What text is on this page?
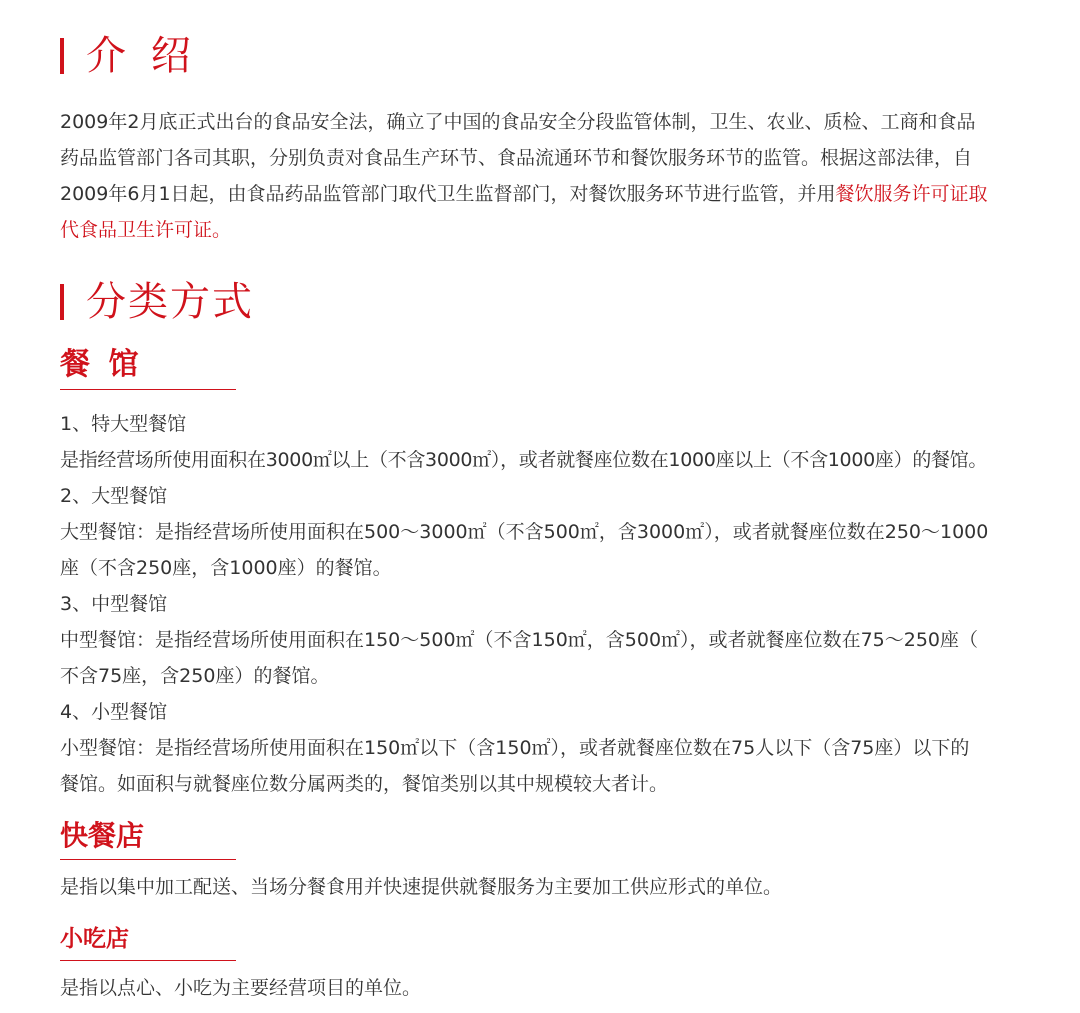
介 绍
2009年2月底正式出台的食品安全法，确立了中国的食品安全分段监管体制，卫生、农业、质检、工商和食品
药品监管部门各司其职，分别负责对食品生产环节、食品流通环节和餐饮服务环节的监管。根据这部法律，自
2009年6月1日起，由食品药品监管部门取代卫生监督部门，对餐饮服务环节进行监管，并用餐饮服务许可证取
代食品卫生许可证。
分类方式
餐 馆
1、特大型餐馆
是指经营场所使用面积在3000㎡以上（不含3000㎡），或者就餐座位数在1000座以上（不含1000座）的餐馆。
2、大型餐馆
大型餐馆：是指经营场所使用面积在500～3000㎡（不含500㎡，含3000㎡），或者就餐座位数在250～1000
座（不含250座，含1000座）的餐馆。
3、中型餐馆
中型餐馆：是指经营场所使用面积在150～500㎡（不含150㎡，含500㎡），或者就餐座位数在75～250座（
不含75座，含250座）的餐馆。
4、小型餐馆
小型餐馆：是指经营场所使用面积在150㎡以下（含150㎡），或者就餐座位数在75人以下（含75座）以下的
餐馆。如面积与就餐座位数分属两类的，餐馆类别以其中规模较大者计。
快餐店
是指以集中加工配送、当场分餐食用并快速提供就餐服务为主要加工供应形式的单位。
小吃店
是指以点心、小吃为主要经营项目的单位。
